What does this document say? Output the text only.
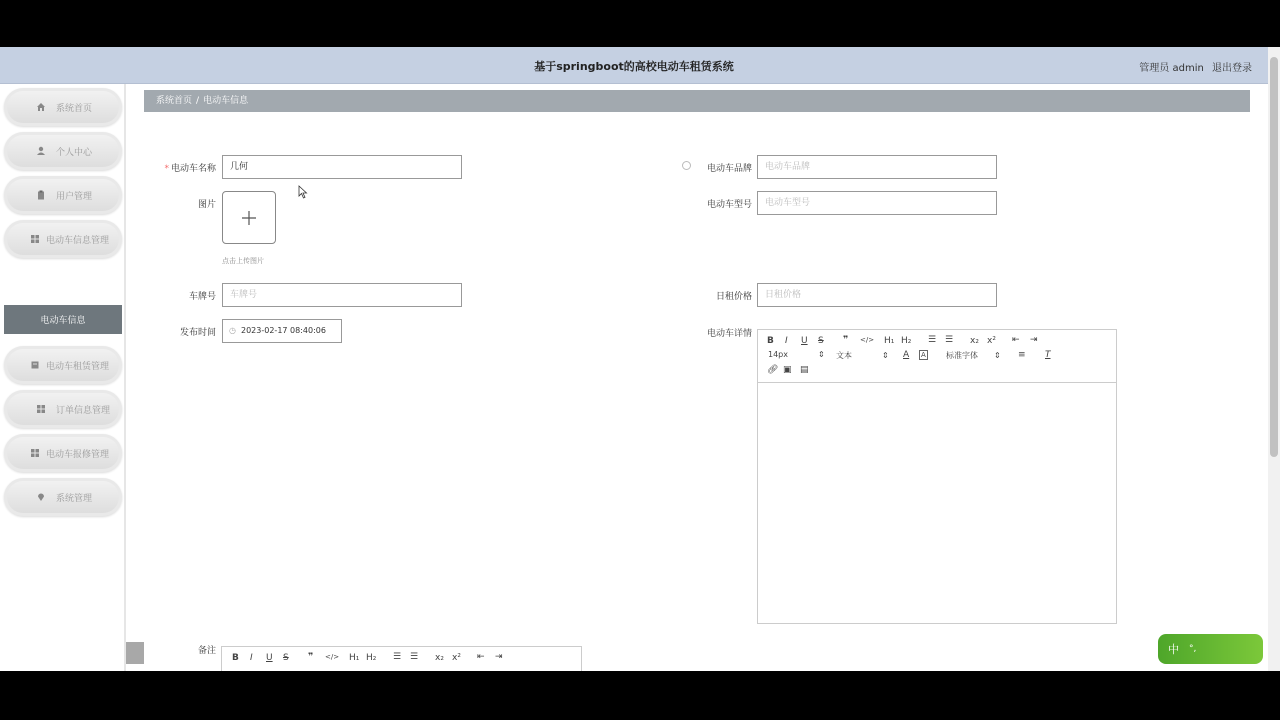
基于springboot的高校电动车租赁系统	管理员 admin 退出登录
系统首页
个人中心
用户管理
电动车信息管理
电动车信息
电动车租赁管理
订单信息管理
电动车报修管理
系统管理
系统首页 / 电动车信息
* 电动车名称	几何
图片
点击上传图片
车牌号	车牌号
发布时间 ◷ 2023-02-17 08:40:06
电动车品牌	电动车品牌
电动车型号	电动车型号
日租价格	日租价格
电动车详情
B I U S ❞ </> H₁ H₂ ☰ ☰ x₂ x² ⇤ ⇥
14px	⇕ 文本	⇕ A A	标准字体 ⇕ ≡ T
🔗︎ ▣ ▤
备注
B I U S ❞ </> H₁ H₂ ☰ ☰ x₂ x² ⇤ ⇥
中 °,
